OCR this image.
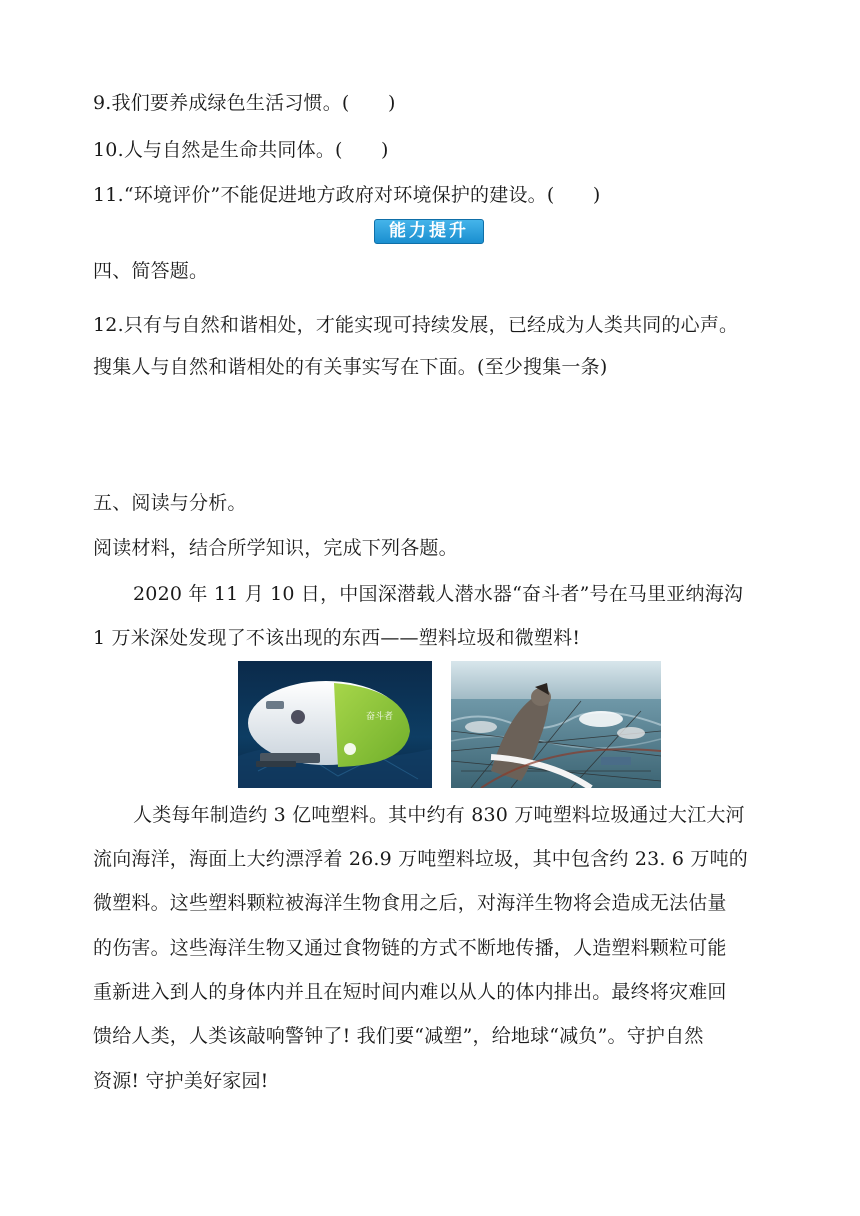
9.我们要养成绿色生活习惯。(　　)
10.人与自然是生命共同体。(　　)
11.“环境评价”不能促进地方政府对环境保护的建设。(　　)
能力提升
四、简答题。
12.只有与自然和谐相处，才能实现可持续发展，已经成为人类共同的心声。
搜集人与自然和谐相处的有关事实写在下面。(至少搜集一条)
五、阅读与分析。
阅读材料，结合所学知识，完成下列各题。
2020 年 11 月 10 日，中国深潜载人潜水器“奋斗者”号在马里亚纳海沟
1 万米深处发现了不该出现的东西——塑料垃圾和微塑料!
奋斗者
人类每年制造约 3 亿吨塑料。其中约有 830 万吨塑料垃圾通过大江大河
流向海洋，海面上大约漂浮着 26.9 万吨塑料垃圾，其中包含约 23. 6 万吨的
微塑料。这些塑料颗粒被海洋生物食用之后，对海洋生物将会造成无法估量
的伤害。这些海洋生物又通过食物链的方式不断地传播，人造塑料颗粒可能
重新进入到人的身体内并且在短时间内难以从人的体内排出。最终将灾难回
馈给人类，人类该敲响警钟了! 我们要“减塑”，给地球“减负”。守护自然
资源! 守护美好家园!
